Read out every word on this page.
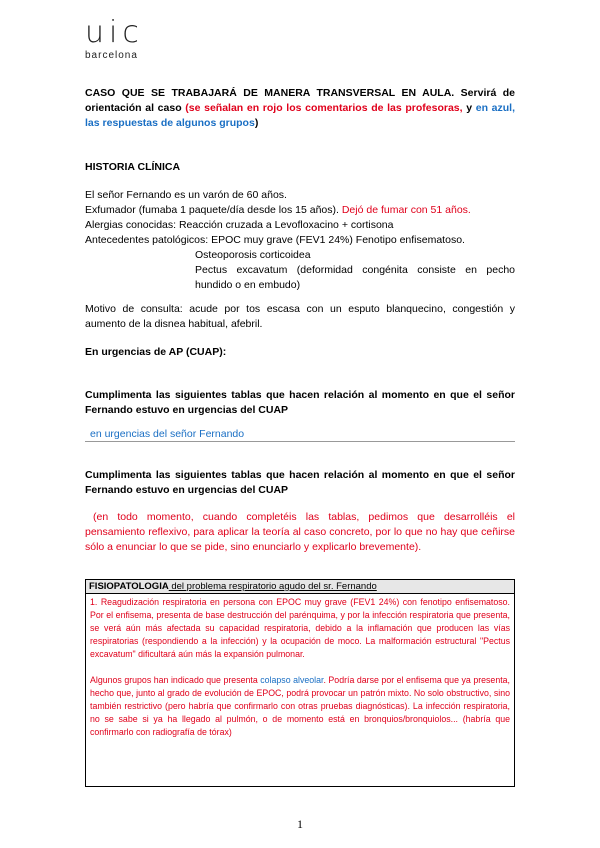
uic
barcelona
CASO QUE SE TRABAJARÁ DE MANERA TRANSVERSAL EN AULA. Servirá de orientación al caso (se señalan en rojo los comentarios de las profesoras, y en azul, las respuestas de algunos grupos)
HISTORIA CLÍNICA
El señor Fernando es un varón de 60 años.
Exfumador (fumaba 1 paquete/día desde los 15 años). Dejó de fumar con 51 años.
Alergias conocidas: Reacción cruzada a Levofloxacino + cortisona
Antecedentes patológicos: EPOC muy grave (FEV1 24%) Fenotipo enfisematoso.
Osteoporosis corticoidea
Pectus excavatum (deformidad congénita consiste en pecho hundido o en embudo)
Motivo de consulta: acude por tos escasa con un esputo blanquecino, congestión y aumento de la disnea habitual, afebril.
En urgencias de AP (CUAP):
Cumplimenta las siguientes tablas que hacen relación al momento en que el señor Fernando estuvo en urgencias del CUAP
en urgencias del señor Fernando
Cumplimenta las siguientes tablas que hacen relación al momento en que el señor Fernando estuvo en urgencias del CUAP
(en todo momento, cuando completéis las tablas, pedimos que desarrolléis el pensamiento reflexivo, para aplicar la teoría al caso concreto, por lo que no hay que ceñirse sólo a enunciar lo que se pide, sino enunciarlo y explicarlo brevemente).
FISIOPATOLOGIA del problema respiratorio agudo del sr. Fernando

1. Reagudización respiratoria en persona con EPOC muy grave (FEV1 24%) con fenotipo enfisematoso. Por el enfisema, presenta de base destrucción del parénquima, y por la infección respiratoria que presenta, se verá aún más afectada su capacidad respiratoria, debido a la inflamación que producen las vías respiratorias (respondiendo a la infección) y la ocupación de moco. La malformación estructural "Pectus excavatum" dificultará aún más la expansión pulmonar.

Algunos grupos han indicado que presenta colapso alveolar. Podría darse por el enfisema que ya presenta, hecho que, junto al grado de evolución de EPOC, podrá provocar un patrón mixto. No solo obstructivo, sino también restrictivo (pero habría que confirmarlo con otras pruebas diagnósticas). La infección respiratoria, no se sabe si ya ha llegado al pulmón, o de momento está en bronquios/bronquiolos... (habría que confirmarlo con radiografía de tórax)

1
